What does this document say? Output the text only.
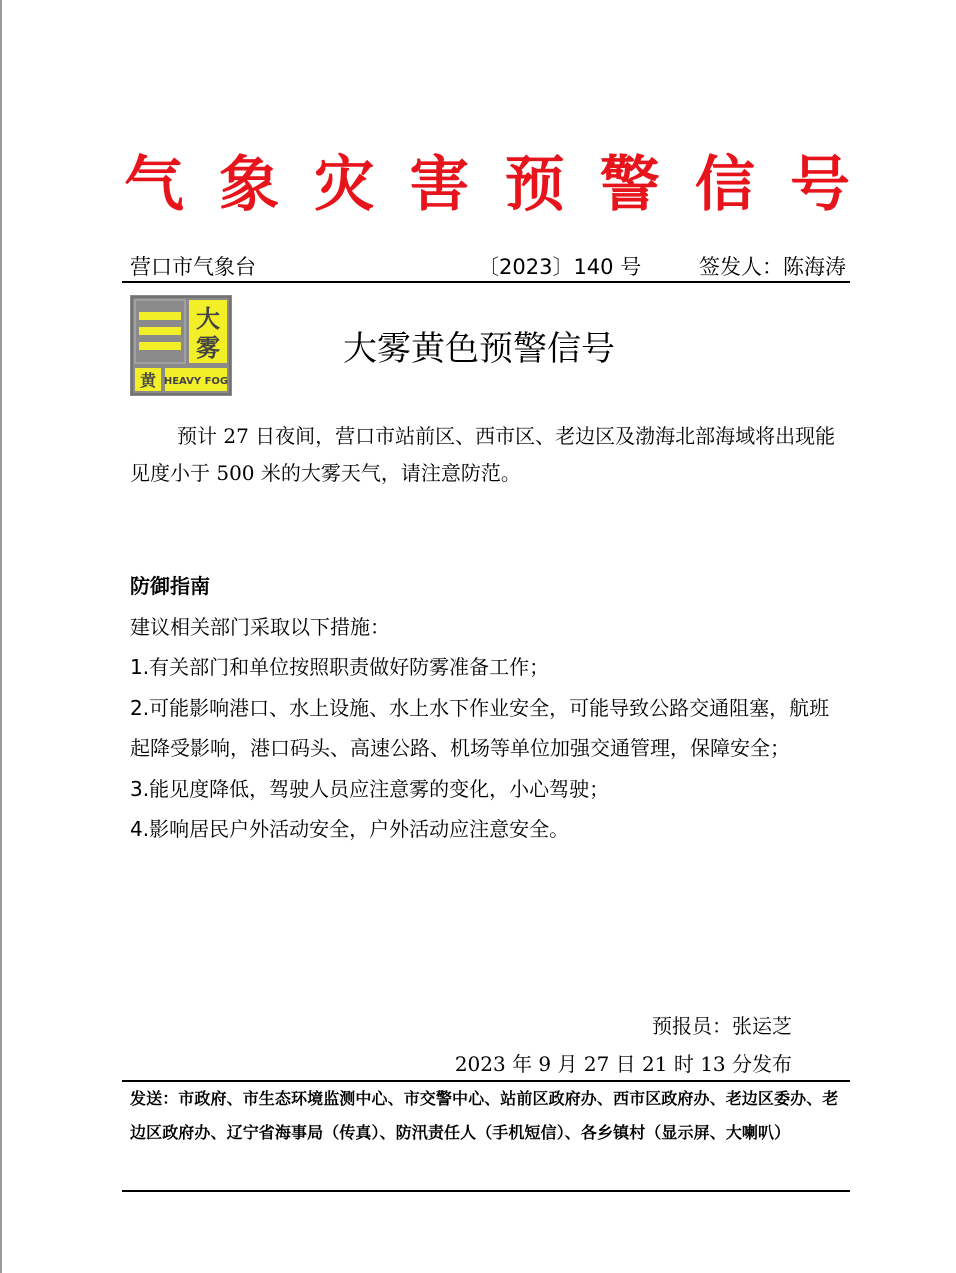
气 象 灾 害 预 警 信 号
营口市气象台	〔2023〕140 号	签发人：陈海涛
大
雾
黄 HEAVY FOG
大雾黄色预警信号
预计 27 日夜间，营口市站前区、西市区、老边区及渤海北部海域将出现能见度小于 500 米的大雾天气，请注意防范。

防御指南

建议相关部门采取以下措施：

1.有关部门和单位按照职责做好防雾准备工作；

2.可能影响港口、水上设施、水上水下作业安全，可能导致公路交通阻塞，航班起降受影响，港口码头、高速公路、机场等单位加强交通管理，保障安全；

3.能见度降低，驾驶人员应注意雾的变化，小心驾驶；

4.影响居民户外活动安全，户外活动应注意安全。

预报员：张运芝
2023 年 9 月 27 日 21 时 13 分发布
发送：市政府、市生态环境监测中心、市交警中心、站前区政府办、西市区政府办、老边区委办、老边区政府办、辽宁省海事局（传真）、防汛责任人（手机短信）、各乡镇村（显示屏、大喇叭）
